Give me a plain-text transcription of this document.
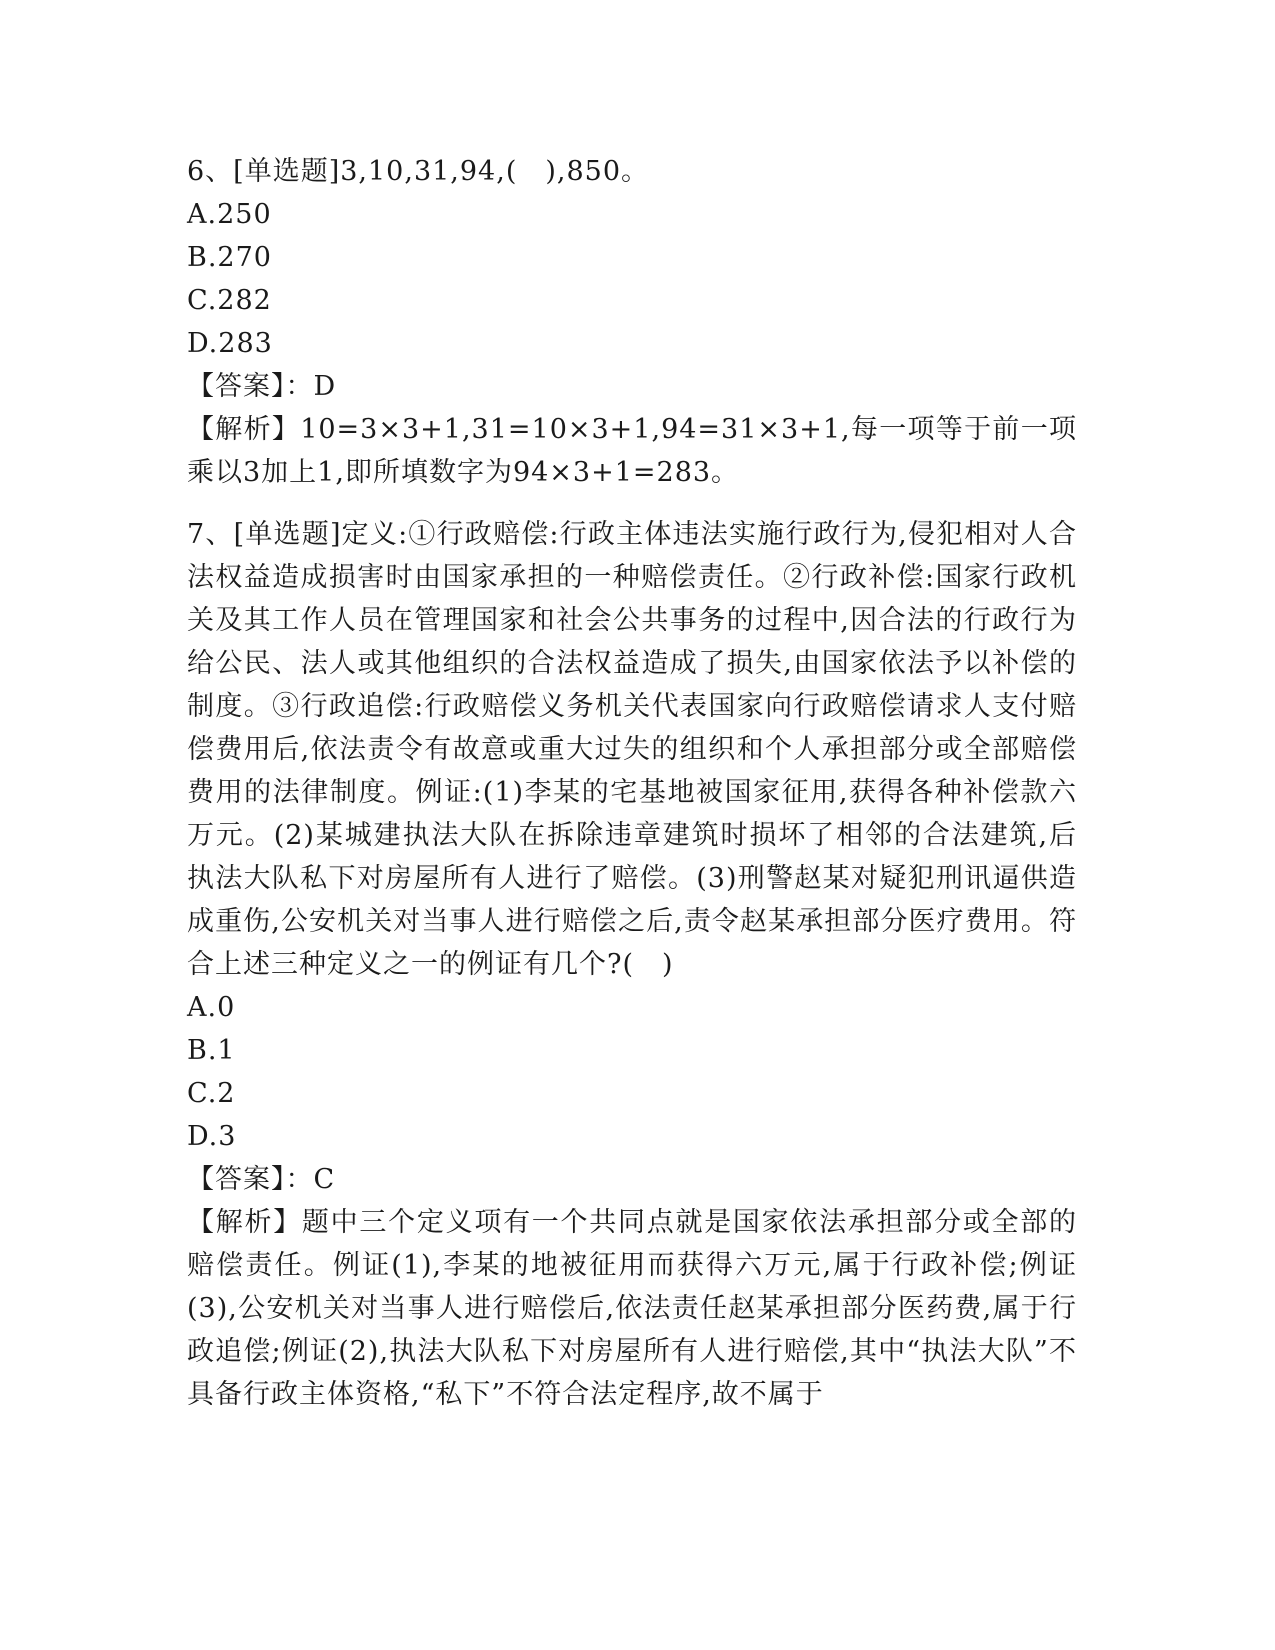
6、[单选题]3,10,31,94,(　),850。
A.250
B.270
C.282
D.283
【答案】：D
【解析】10=3×3+1,31=10×3+1,94=31×3+1,每一项等于前一项乘以3加上1,即所填数字为94×3+1=283。
7、[单选题]定义:①行政赔偿:行政主体违法实施行政行为,侵犯相对人合法权益造成损害时由国家承担的一种赔偿责任。②行政补偿:国家行政机关及其工作人员在管理国家和社会公共事务的过程中,因合法的行政行为给公民、法人或其他组织的合法权益造成了损失,由国家依法予以补偿的制度。③行政追偿:行政赔偿义务机关代表国家向行政赔偿请求人支付赔偿费用后,依法责令有故意或重大过失的组织和个人承担部分或全部赔偿费用的法律制度。例证:(1)李某的宅基地被国家征用,获得各种补偿款六万元。(2)某城建执法大队在拆除违章建筑时损坏了相邻的合法建筑,后执法大队私下对房屋所有人进行了赔偿。(3)刑警赵某对疑犯刑讯逼供造成重伤,公安机关对当事人进行赔偿之后,责令赵某承担部分医疗费用。符合上述三种定义之一的例证有几个?(　)
A.0
B.1
C.2
D.3
【答案】：C
【解析】题中三个定义项有一个共同点就是国家依法承担部分或全部的赔偿责任。例证(1),李某的地被征用而获得六万元,属于行政补偿;例证(3),公安机关对当事人进行赔偿后,依法责任赵某承担部分医药费,属于行政追偿;例证(2),执法大队私下对房屋所有人进行赔偿,其中“执法大队”不具备行政主体资格,“私下”不符合法定程序,故不属于
